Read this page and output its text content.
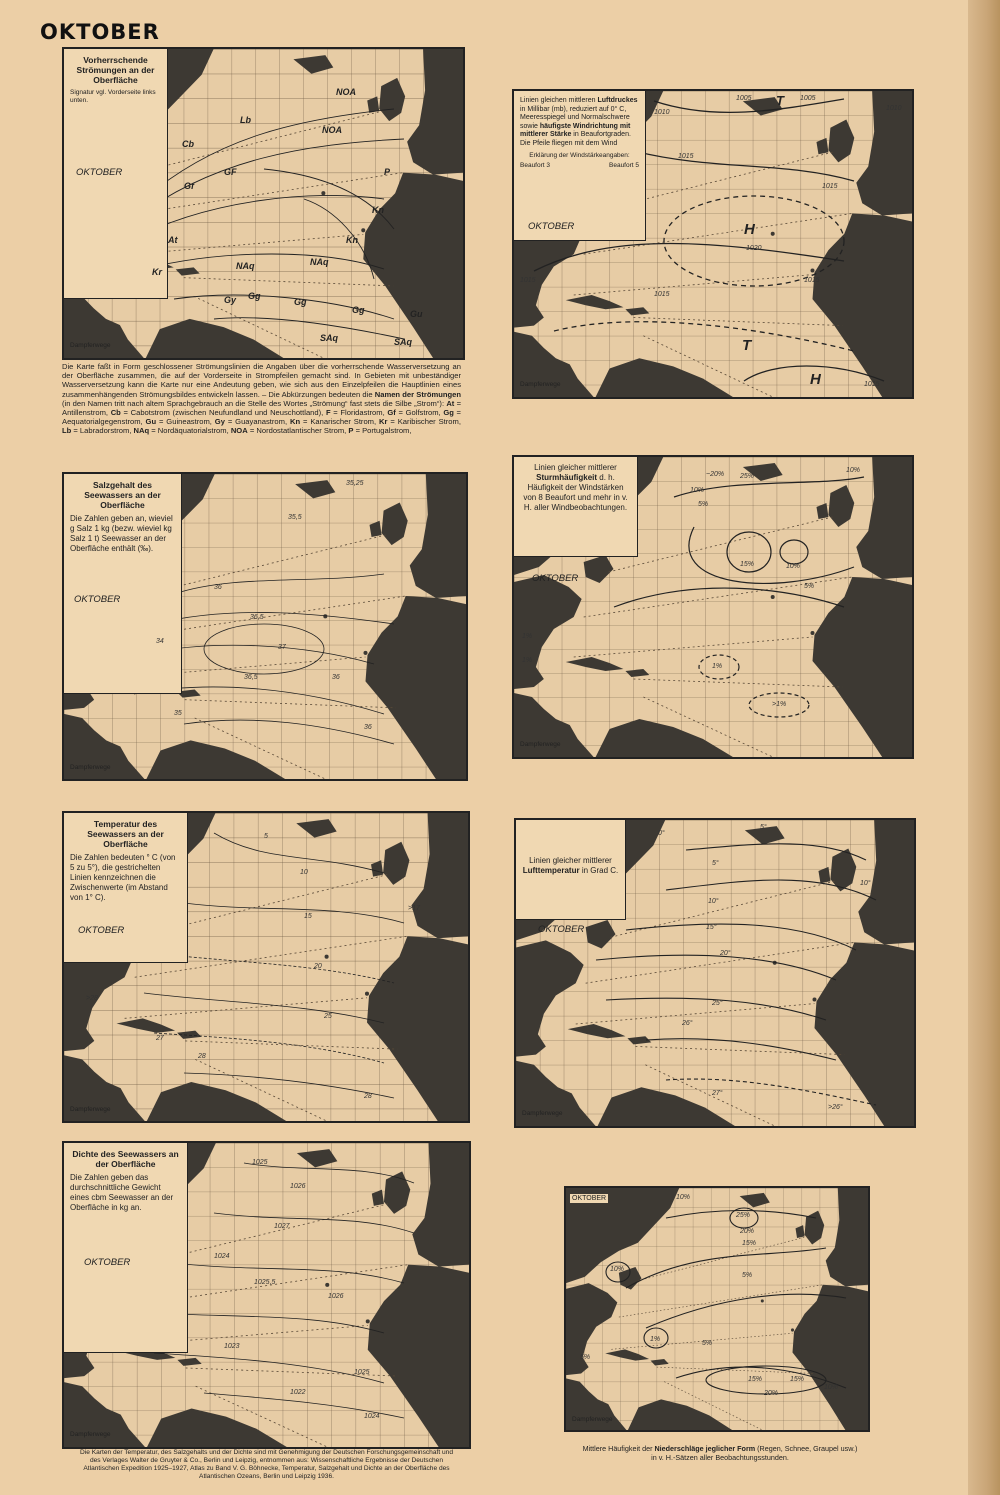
OKTOBER
Vorherrschende Strömungen an der Oberfläche
Signatur vgl. Vorderseite links unten.
OKTOBER
Dampferwege
NOA
Lb
NOA
Cb
GF
Gf
P
Kn
Kn
At
NAq	NAq
Kr
Gy Gg
Gg
Gu
Gg
SAq	SAq
Die Karte faßt in Form geschlossener Strömungslinien die Angaben über die vorherrschende Wasserversetzung an der Oberfläche zusammen, die auf der Vorderseite in Strompfeilen gemacht sind. In Gebieten mit unbeständiger Wasserversetzung kann die Karte nur eine Andeutung geben, wie sich aus den Einzelpfeilen die Hauptlinien eines zusammenhängenden Strömungsbildes entwickeln lassen. – Die Abkürzungen bedeuten die Namen der Strömungen (in den Namen tritt nach altem Sprachgebrauch an die Stelle des Wortes „Strömung“ fast stets die Silbe „Strom“): At = Antillenstrom, Cb = Cabotstrom (zwischen Neufundland und Neuschottland), F = Floridastrom, Gf = Golfstrom, Gg = Aequatorialgegenstrom, Gu = Guineastrom, Gy = Guayanastrom, Kn = Kanarischer Strom, Kr = Karibischer Strom, Lb = Labradorstrom, NAq = Nordäquatorialstrom, NOA = Nordostatlantischer Strom, P = Portugalstrom,
Linien gleichen mittleren Luftdruckes in Millibar (mb), reduziert auf 0° C, Meeresspiegel und Normalschwere sowie häufigste Windrichtung mit mittlerer Stärke in Beaufortgraden. Die Pfeile fliegen mit dem Wind
Erklärung der Windstärkeangaben:
Beaufort 3	Beaufort 5
OKTOBER
Dampferwege
1005 T 1005
1010
1010
1015
1015
H
1015	1015
1020
1015
T
H	1015
Salzgehalt des Seewassers an der Oberfläche
Die Zahlen geben an, wieviel g Salz 1 kg (bezw. wieviel kg Salz 1 t) Seewasser an der Oberfläche enthält (‰).
OKTOBER
Dampferwege
35,25
35,5
36
36,5
37
36
35
34
36
36,5
Linien gleicher mittlerer Sturmhäufigkeit d. h. Häufigkeit der Windstärken von 8 Beaufort und mehr in v. H. aller Windbeobachtungen.
OKTOBER
Dampferwege
~20% 25%
10%
10%
5%
15%	10%
5%
1%
1%
1%
>1%
Temperatur des Seewassers an der Oberfläche
Die Zahlen bedeuten ° C (von 5 zu 5°), die gestrichelten Linien kennzeichnen die Zwischenwerte (im Abstand von 1° C).
OKTOBER
Dampferwege
>17
>28
27
28
25
20
15
10
5
28
Linien gleicher mittlerer Lufttemperatur in Grad C.
OKTOBER
Dampferwege
0°
5°
10°
15°
20°
25°
26°
27°
>26°
10°
5°
Dichte des Seewassers an der Oberfläche
Die Zahlen geben das durchschnittliche Gewicht eines cbm Seewasser an der Oberfläche in kg an.
OKTOBER
Dampferwege
1025
1026
1027
1024
1025,5
1026
1023
1022
1025
1024
Die Karten der Temperatur, des Salzgehalts und der Dichte sind mit Genehmigung der Deutschen Forschungsgemeinschaft und des Verlages Walter de Gruyter & Co., Berlin und Leipzig, entnommen aus: Wissenschaftliche Ergebnisse der Deutschen Atlantischen Expedition 1925–1927, Atlas zu Band V. G. Böhnecke, Temperatur, Salzgehalt und Dichte an der Oberfläche des Atlantischen Ozeans, Berlin und Leipzig 1936.
OKTOBER
Dampferwege
10%
25%
20%
15%
10%
5%
5%
1%
5%
15%	15%
10%
20%
Mittlere Häufigkeit der Niederschläge jeglicher Form (Regen, Schnee, Graupel usw.) in v. H.-Sätzen aller Beobachtungsstunden.
